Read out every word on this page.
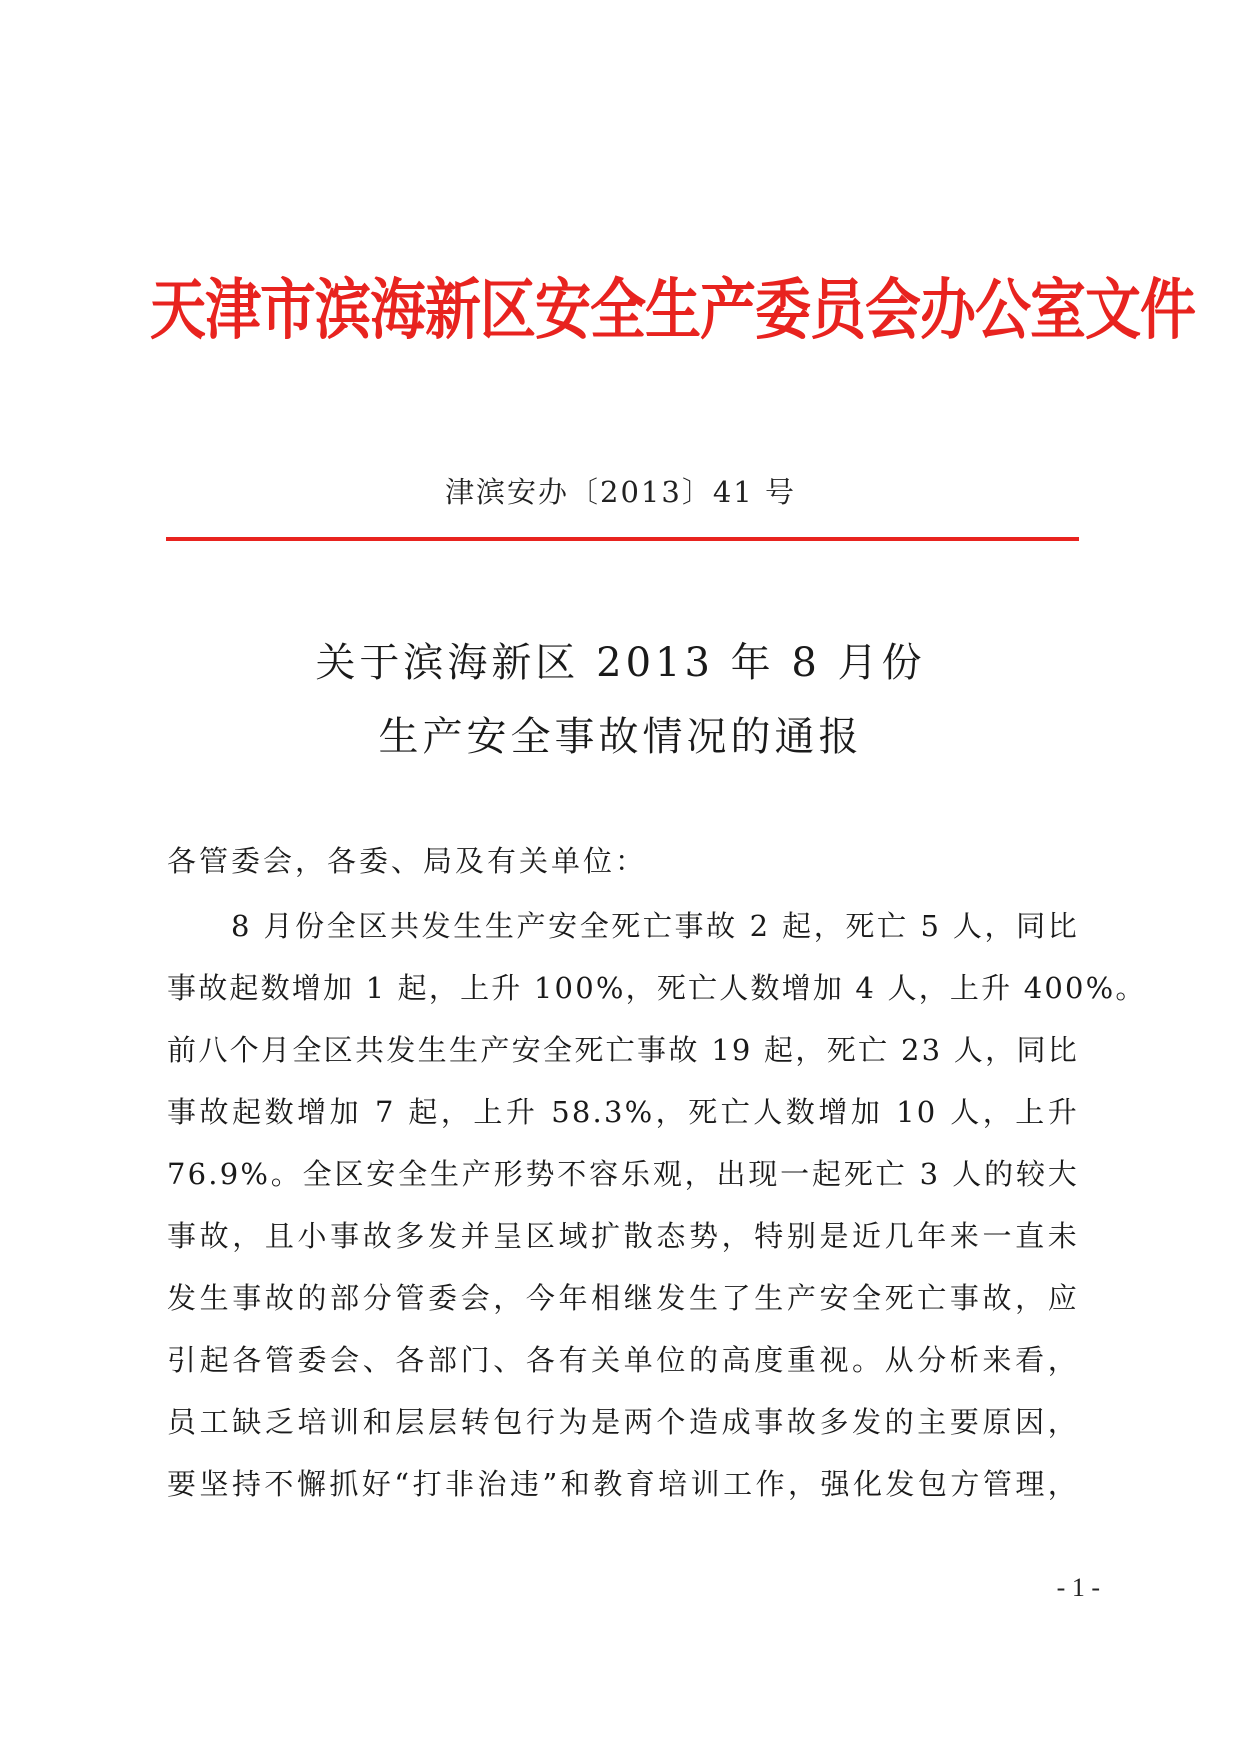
天津市滨海新区安全生产委员会办公室文件
津滨安办〔2013〕41 号
关于滨海新区 2013 年 8 月份
生产安全事故情况的通报
各管委会，各委、局及有关单位：
8 月份全区共发生生产安全死亡事故 2 起，死亡 5 人，同比
事故起数增加 1 起，上升 100%，死亡人数增加 4 人，上升 400%。
前八个月全区共发生生产安全死亡事故 19 起，死亡 23 人，同比
事故起数增加 7 起，上升 58.3%，死亡人数增加 10 人，上升
76.9%。全区安全生产形势不容乐观，出现一起死亡 3 人的较大
事故，且小事故多发并呈区域扩散态势，特别是近几年来一直未
发生事故的部分管委会，今年相继发生了生产安全死亡事故，应
引起各管委会、各部门、各有关单位的高度重视。从分析来看，
员工缺乏培训和层层转包行为是两个造成事故多发的主要原因，
要坚持不懈抓好“打非治违”和教育培训工作，强化发包方管理，
- 1 -
